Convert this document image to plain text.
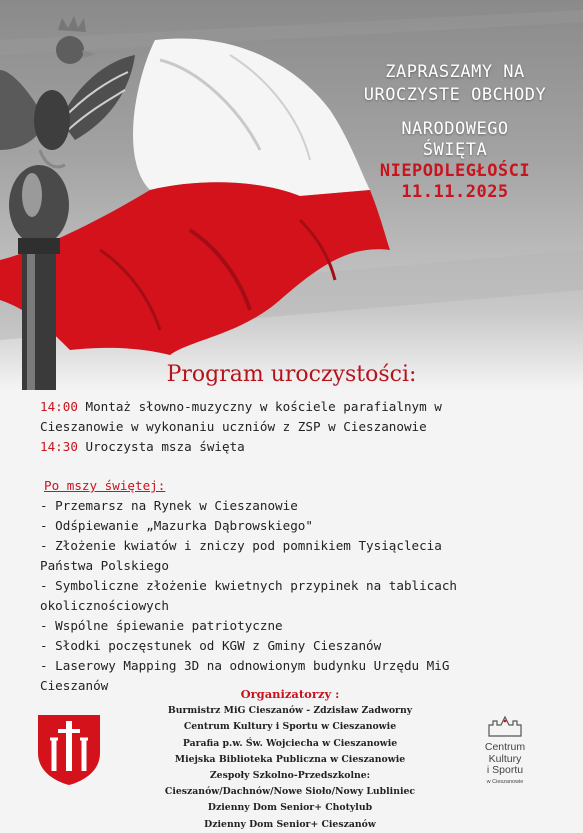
ZAPRASZAMY NA
UROCZYSTE OBCHODY
NARODOWEGO
ŚWIĘTA
NIEPODLEGŁOŚCI
11.11.2025
Program uroczystości:
14:00 Montaż słowno-muzyczny w kościele parafialnym w
Cieszanowie w wykonaniu uczniów z ZSP w Cieszanowie
14:30 Uroczysta msza święta
Po mszy świętej:
- Przemarsz na Rynek w Cieszanowie
- Odśpiewanie „Mazurka Dąbrowskiego"
- Złożenie kwiatów i zniczy pod pomnikiem Tysiąclecia
Państwa Polskiego
- Symboliczne złożenie kwietnych przypinek na tablicach
okolicznościowych
- Wspólne śpiewanie patriotyczne
- Słodki poczęstunek od KGW z Gminy Cieszanów
- Laserowy Mapping 3D na odnowionym budynku Urzędu MiG
Cieszanów
Organizatorzy :
Burmistrz MiG Cieszanów - Zdzisław Zadworny
Centrum Kultury i Sportu w Cieszanowie
Parafia p.w. Św. Wojciecha w Cieszanowie
Miejska Biblioteka Publiczna w Cieszanowie
Zespoły Szkolno-Przedszkolne:
Cieszanów/Dachnów/Nowe Sioło/Nowy Lubliniec
Dzienny Dom Senior+ Chotylub
Dzienny Dom Senior+ Cieszanów
Centrum
Kultury
i Sportu
w Cieszanowie
